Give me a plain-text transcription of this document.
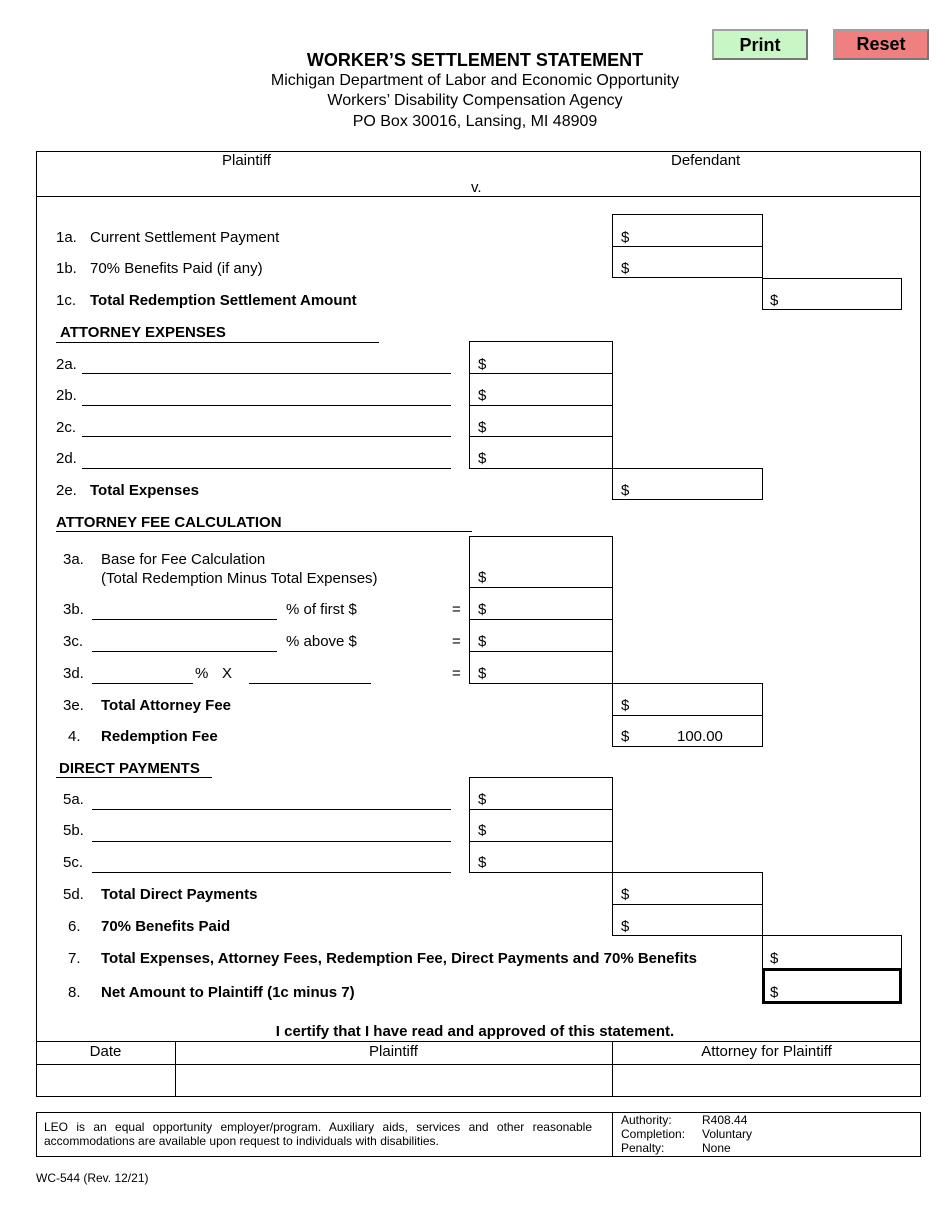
Print	Reset
WORKER’S SETTLEMENT STATEMENT
Michigan Department of Labor and Economic Opportunity
Workers’ Disability Compensation Agency
PO Box 30016, Lansing, MI 48909
Plaintiff	Defendant
v.
1a. Current Settlement Payment	$
1b. 70% Benefits Paid (if any)	$
1c. Total Redemption Settlement Amount	$
ATTORNEY EXPENSES
2a.	$
2b.	$
2c.	$
2d.	$
2e. Total Expenses	$
ATTORNEY FEE CALCULATION
3a. Base for Fee Calculation
(Total Redemption Minus Total Expenses)	$
3b.	% of first $	= $
3c.	% above $	= $
3d.	% X	= $
3e. Total Attorney Fee	$
4. Redemption Fee	$	100.00
DIRECT PAYMENTS
5a.	$
5b.	$
5c.	$
5d. Total Direct Payments	$
6. 70% Benefits Paid	$
7. Total Expenses, Attorney Fees, Redemption Fee, Direct Payments and 70% Benefits	$
8. Net Amount to Plaintiff (1c minus 7)	$
I certify that I have read and approved of this statement.
Date	Plaintiff	Attorney for Plaintiff
LEO is an equal opportunity employer/program. Auxiliary aids, services and other reasonable accommodations are available upon request to individuals with disabilities.
Authority:	R408.44
Completion: Voluntary
Penalty:	None
WC-544 (Rev. 12/21)
